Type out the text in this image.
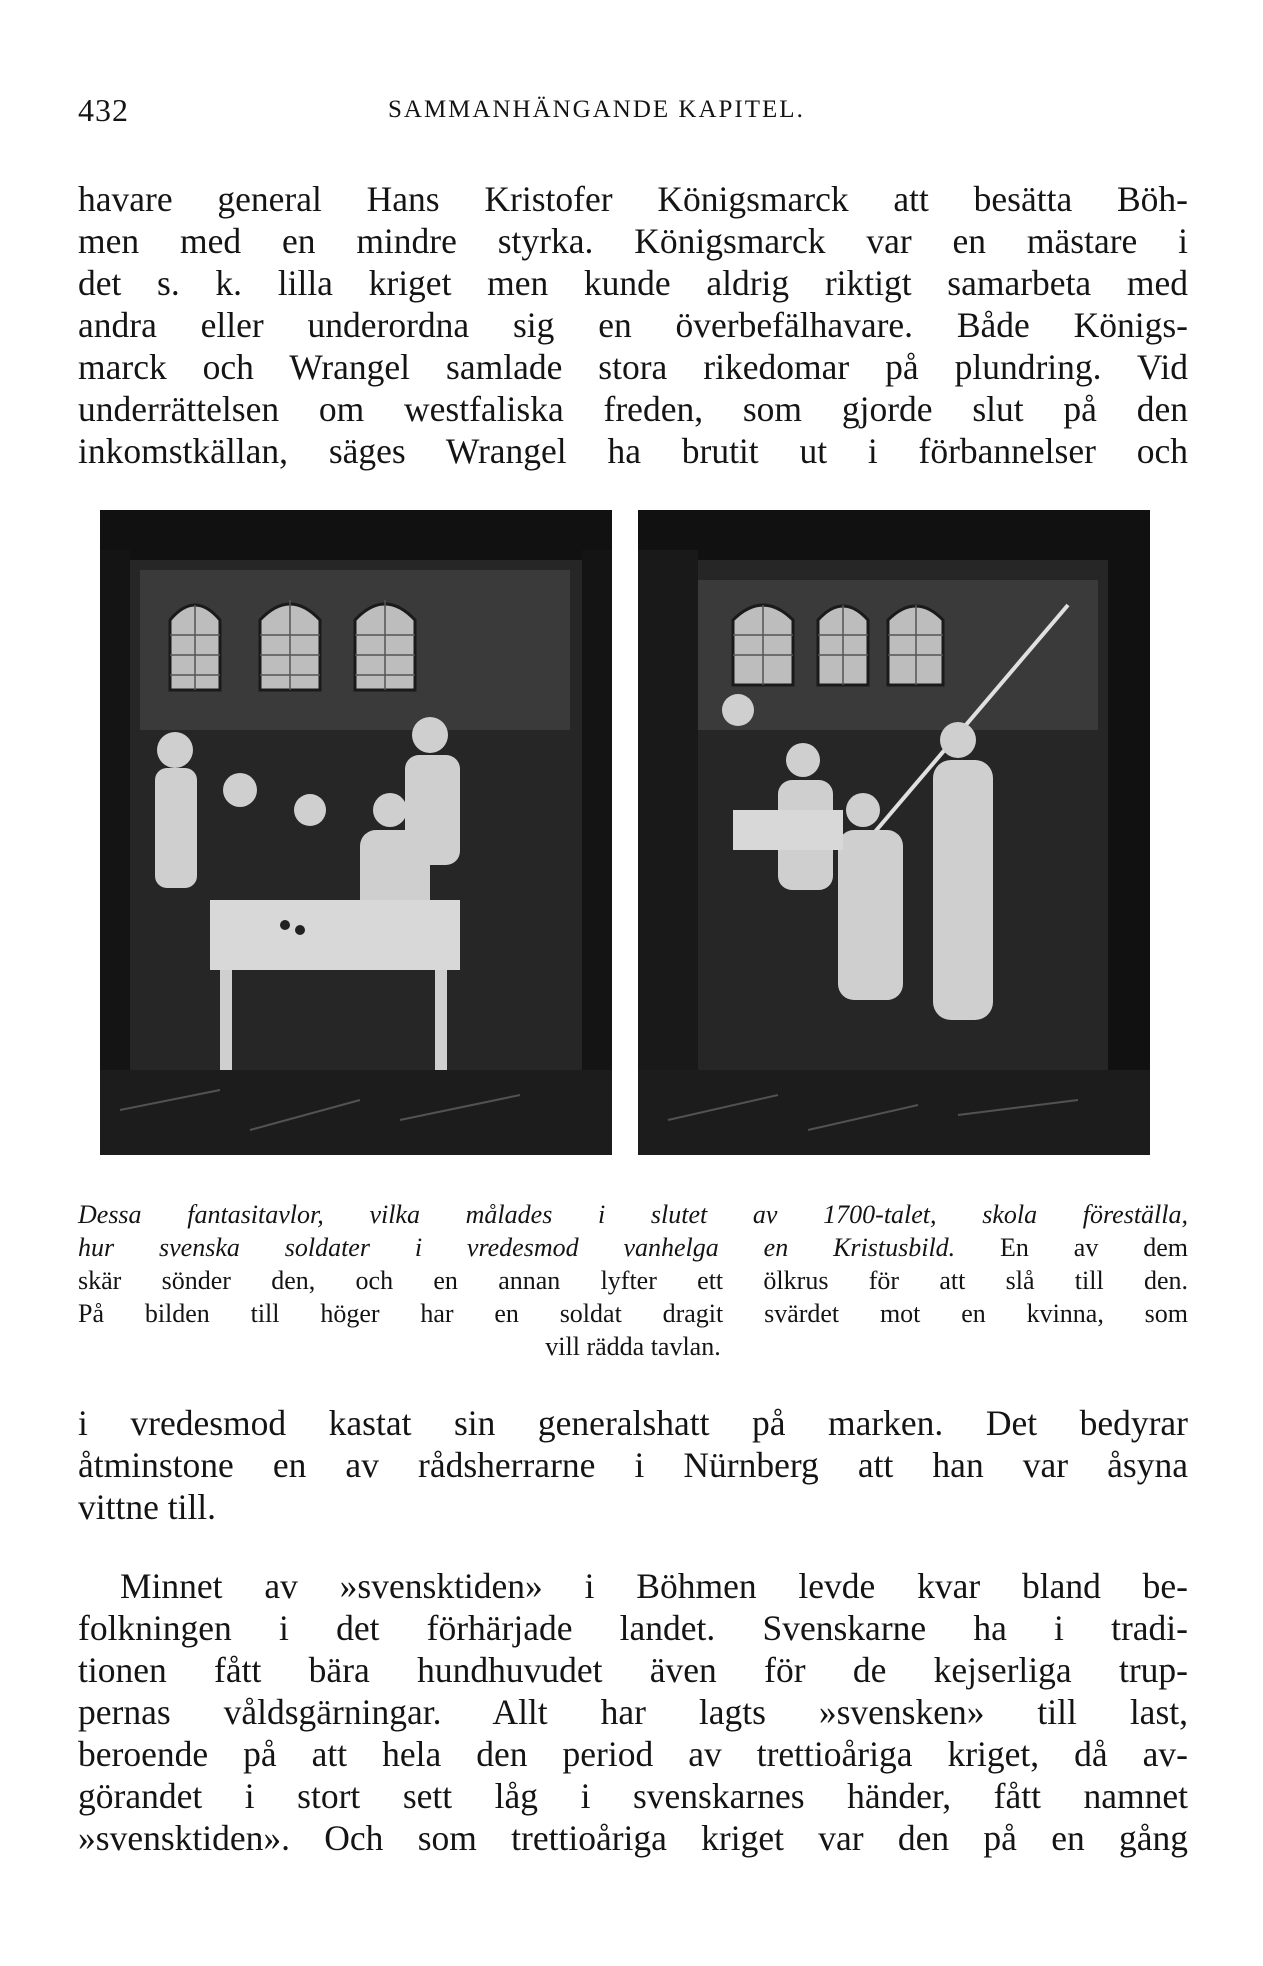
432	SAMMANHÄNGANDE KAPITEL.
havare general Hans Kristofer Königsmarck att besätta Böh-
men med en mindre styrka. Königsmarck var en mästare i
det s. k. lilla kriget men kunde aldrig riktigt samarbeta med
andra eller underordna sig en överbefälhavare. Både Königs-
marck och Wrangel samlade stora rikedomar på plundring. Vid
underrättelsen om westfaliska freden, som gjorde slut på den
inkomstkällan, säges Wrangel ha brutit ut i förbannelser och
Dessa fantasitavlor, vilka målades i slutet av 1700-talet, skola föreställa,
hur svenska soldater i vredesmod vanhelga en Kristusbild. En av dem
skär sönder den, och en annan lyfter ett ölkrus för att slå till den.
På bilden till höger har en soldat dragit svärdet mot en kvinna, som
vill rädda tavlan.
i vredesmod kastat sin generalshatt på marken. Det bedyrar
åtminstone en av rådsherrarne i Nürnberg att han var åsyna
vittne till.
Minnet av »svensktiden» i Böhmen levde kvar bland be-
folkningen i det förhärjade landet. Svenskarne ha i tradi-
tionen fått bära hundhuvudet även för de kejserliga trup-
pernas våldsgärningar. Allt har lagts »svensken» till last,
beroende på att hela den period av trettioåriga kriget, då av-
görandet i stort sett låg i svenskarnes händer, fått namnet
»svensktiden». Och som trettioåriga kriget var den på en gång
